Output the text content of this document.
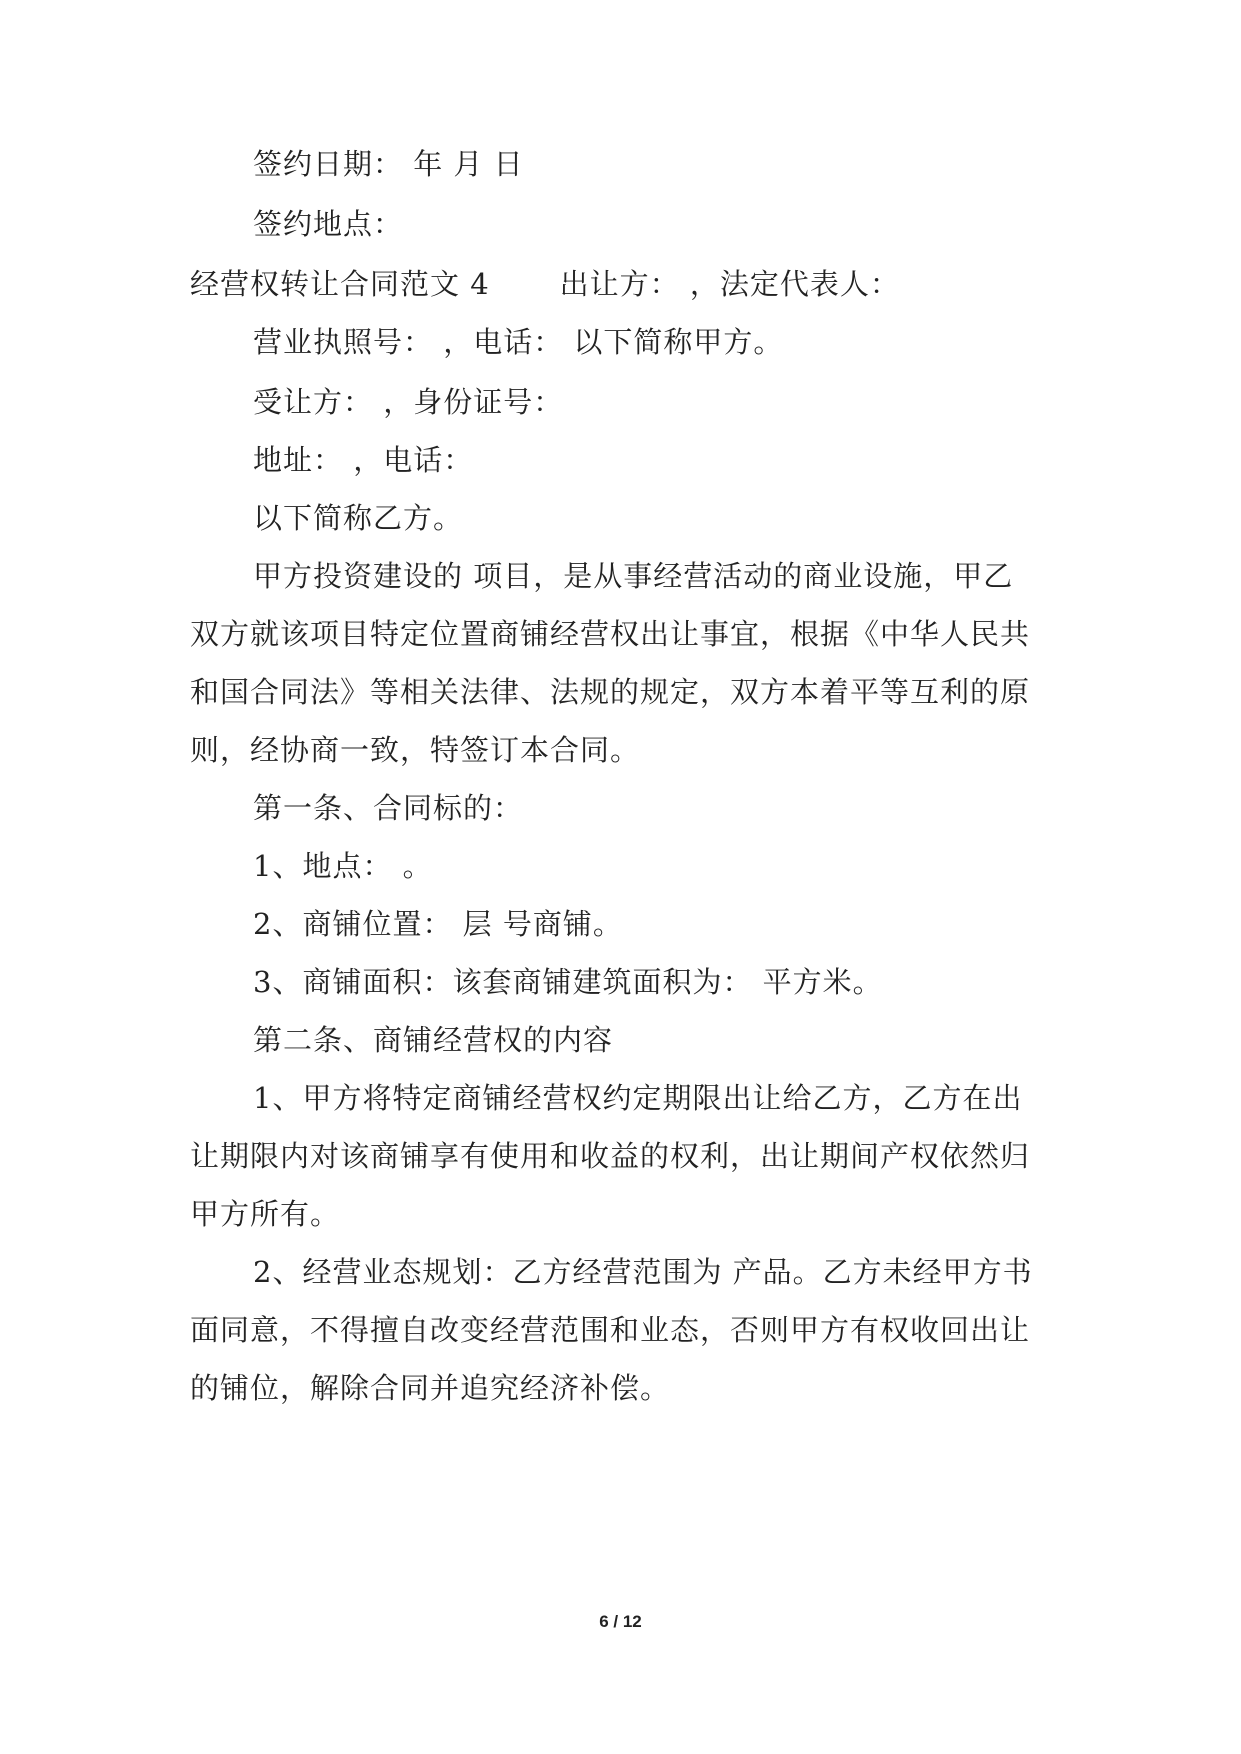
签约日期： 年 月 日
签约地点：
经营权转让合同范文 4 出让方： ，法定代表人：
营业执照号： ，电话： 以下简称甲方。
受让方： ，身份证号：
地址： ，电话：
以下简称乙方。
甲方投资建设的 项目，是从事经营活动的商业设施，甲乙
双方就该项目特定位置商铺经营权出让事宜，根据《中华人民共
和国合同法》等相关法律、法规的规定，双方本着平等互利的原
则，经协商一致，特签订本合同。
第一条、合同标的：
1、地点： 。
2、商铺位置： 层 号商铺。
3、商铺面积：该套商铺建筑面积为： 平方米。
第二条、商铺经营权的内容
1、甲方将特定商铺经营权约定期限出让给乙方，乙方在出
让期限内对该商铺享有使用和收益的权利，出让期间产权依然归
甲方所有。
2、经营业态规划：乙方经营范围为 产品。乙方未经甲方书
面同意，不得擅自改变经营范围和业态，否则甲方有权收回出让
的铺位，解除合同并追究经济补偿。
6 / 12
